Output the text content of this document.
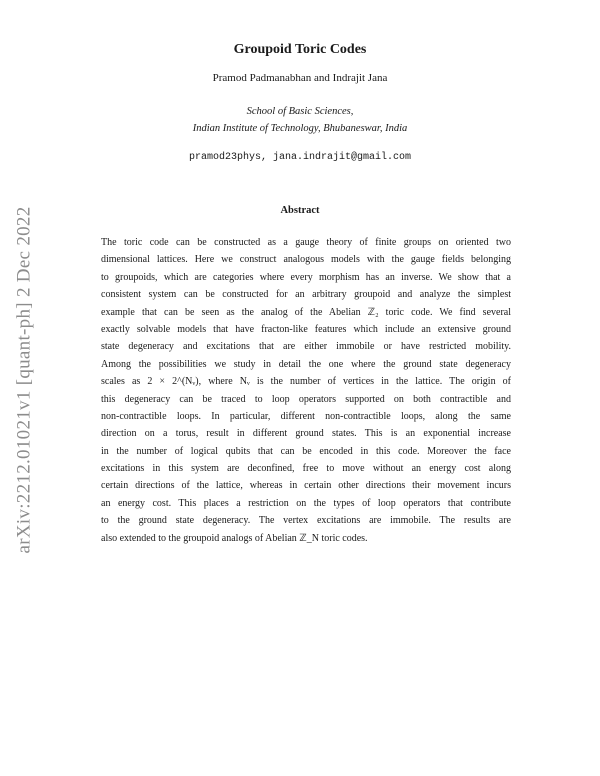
arXiv:2212.01021v1 [quant-ph] 2 Dec 2022
Groupoid Toric Codes
Pramod Padmanabhan and Indrajit Jana
School of Basic Sciences,
Indian Institute of Technology, Bhubaneswar, India
pramod23phys, jana.indrajit@gmail.com
Abstract
The toric code can be constructed as a gauge theory of finite groups on oriented two
dimensional lattices. Here we construct analogous models with the gauge fields belonging
to groupoids, which are categories where every morphism has an inverse. We show that a
consistent system can be constructed for an arbitrary groupoid and analyze the simplest
example that can be seen as the analog of the Abelian ℤ₂ toric code. We find several
exactly solvable models that have fracton-like features which include an extensive ground
state degeneracy and excitations that are either immobile or have restricted mobility.
Among the possibilities we study in detail the one where the ground state degeneracy
scales as 2 × 2^(Nᵥ), where Nᵥ is the number of vertices in the lattice. The origin of
this degeneracy can be traced to loop operators supported on both contractible and
non-contractible loops. In particular, different non-contractible loops, along the same
direction on a torus, result in different ground states. This is an exponential increase
in the number of logical qubits that can be encoded in this code. Moreover the face
excitations in this system are deconfined, free to move without an energy cost along
certain directions of the lattice, whereas in certain other directions their movement incurs
an energy cost. This places a restriction on the types of loop operators that contribute
to the ground state degeneracy. The vertex excitations are immobile. The results are
also extended to the groupoid analogs of Abelian ℤ_N toric codes.
